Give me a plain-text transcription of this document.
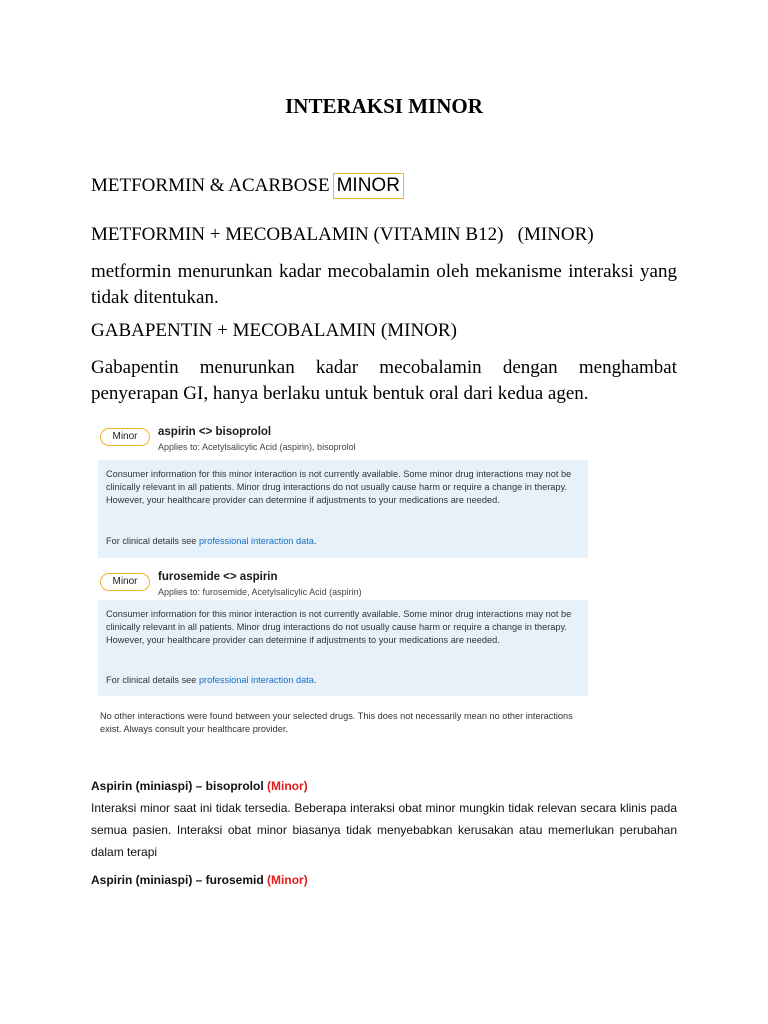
INTERAKSI MINOR
METFORMIN & ACARBOSE MINOR
METFORMIN + MECOBALAMIN (VITAMIN B12)   (MINOR)
metformin menurunkan kadar mecobalamin oleh mekanisme interaksi yang tidak ditentukan.
GABAPENTIN + MECOBALAMIN (MINOR)
Gabapentin menurunkan kadar mecobalamin dengan menghambat penyerapan GI, hanya berlaku untuk bentuk oral dari kedua agen.
Minor	aspirin <> bisoprolol
Applies to: Acetylsalicylic Acid (aspirin), bisoprolol

Consumer information for this minor interaction is not currently available. Some minor drug interactions may not be clinically relevant in all patients. Minor drug interactions do not usually cause harm or require a change in therapy. However, your healthcare provider can determine if adjustments to your medications are needed.

For clinical details see professional interaction data.

Minor	furosemide <> aspirin
Applies to: furosemide, Acetylsalicylic Acid (aspirin)

Consumer information for this minor interaction is not currently available. Some minor drug interactions may not be clinically relevant in all patients. Minor drug interactions do not usually cause harm or require a change in therapy. However, your healthcare provider can determine if adjustments to your medications are needed.

For clinical details see professional interaction data.

No other interactions were found between your selected drugs. This does not necessarily mean no other interactions exist. Always consult your healthcare provider.
Aspirin (miniaspi) – bisoprolol (Minor)
Interaksi minor saat ini tidak tersedia. Beberapa interaksi obat minor mungkin tidak relevan secara klinis pada semua pasien. Interaksi obat minor biasanya tidak menyebabkan kerusakan atau memerlukan perubahan dalam terapi
Aspirin (miniaspi) – furosemid (Minor)
